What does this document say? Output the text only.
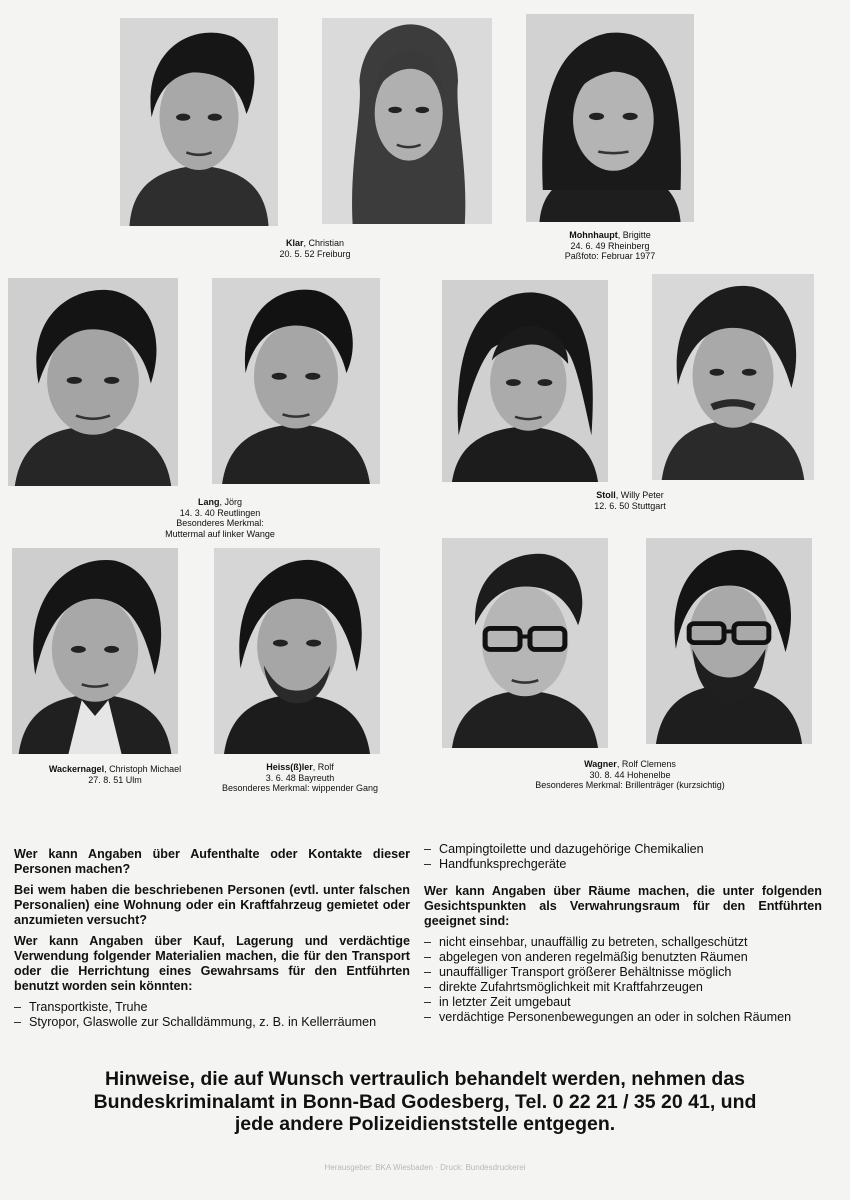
Klar, Christian
20. 5. 52 Freiburg
Mohnhaupt, Brigitte
24. 6. 49 Rheinberg
Paßfoto: Februar 1977
Lang, Jörg
14. 3. 40 Reutlingen
Besonderes Merkmal:
Muttermal auf linker Wange
Stoll, Willy Peter
12. 6. 50 Stuttgart
Wackernagel, Christoph Michael
27. 8. 51 Ulm
Heiss(ß)ler, Rolf
3. 6. 48 Bayreuth
Besonderes Merkmal: wippender Gang
Wagner, Rolf Clemens
30. 8. 44 Hohenelbe
Besonderes Merkmal: Brillenträger (kurzsichtig)

Wer kann Angaben über Aufenthalte oder Kontakte dieser Personen machen?

Bei wem haben die beschriebenen Personen (evtl. unter falschen Personalien) eine Wohnung oder ein Kraftfahrzeug gemietet oder anzumieten versucht?

Wer kann Angaben über Kauf, Lagerung und verdächtige Verwendung folgender Materialien machen, die für den Transport oder die Herrichtung eines Gewahrsams für den Entführten benutzt worden sein könnten:

– Transportkiste, Truhe
– Styropor, Glaswolle zur Schalldämmung, z. B. in Kellerräumen
– Campingtoilette und dazugehörige Chemikalien
– Handfunksprechgeräte

Wer kann Angaben über Räume machen, die unter folgenden Gesichtspunkten als Verwahrungsraum für den Entführten geeignet sind:

– nicht einsehbar, unauffällig zu betreten, schallgeschützt
– abgelegen von anderen regelmäßig benutzten Räumen
– unauffälliger Transport größerer Behältnisse möglich
– direkte Zufahrtsmöglichkeit mit Kraftfahrzeugen
– in letzter Zeit umgebaut
– verdächtige Personenbewegungen an oder in solchen Räumen
Hinweise, die auf Wunsch vertraulich behandelt werden, nehmen das
Bundeskriminalamt in Bonn-Bad Godesberg, Tel. 0 22 21 / 35 20 41, und
jede andere Polizeidienststelle entgegen.
Herausgeber: BKA Wiesbaden · Druck: Bundesdruckerei
